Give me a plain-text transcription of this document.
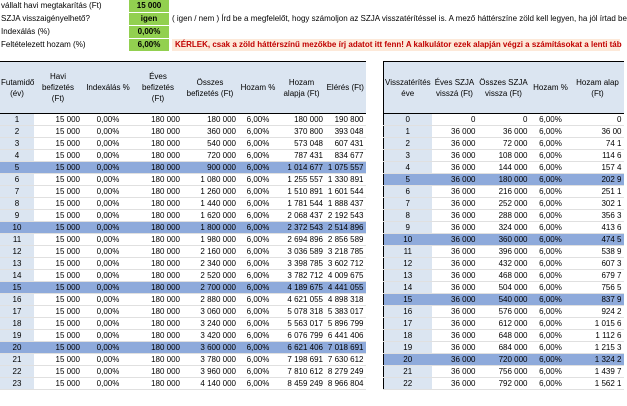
vállalt havi megtakarítás (Ft)	15 000
SZJA visszaigényelhető?	igen	( igen / nem ) Írd be a megfelelőt, hogy számoljon az SZJA visszatérítéssel is. A mező háttérszíne zöld kell legyen, ha jól írtad be
Indexálás (%)	0,00%
Feltételezett hozam (%)	6,00%	KÉRLEK, csak a zöld háttérszínű mezőkbe írj adatot itt fenn! A kalkulátor ezek alapján végzi a számításokat a lenti táb
Futamidő (év)	Havi befizetés (Ft)	Indexálás %	Éves befizetés (Ft)	Összes befizetés (Ft)	Hozam %	Hozam alapja (Ft)	Elérés (Ft)
1	15 000	0,00%	180 000	180 000	6,00%	180 000	190 800
2	15 000	0,00%	180 000	360 000	6,00%	370 800	393 048
3	15 000	0,00%	180 000	540 000	6,00%	573 048	607 431
4	15 000	0,00%	180 000	720 000	6,00%	787 431	834 677
5	15 000	0,00%	180 000	900 000	6,00%	1 014 677	1 075 557
6	15 000	0,00%	180 000	1 080 000	6,00%	1 255 557	1 330 891
7	15 000	0,00%	180 000	1 260 000	6,00%	1 510 891	1 601 544
8	15 000	0,00%	180 000	1 440 000	6,00%	1 781 544	1 888 437
9	15 000	0,00%	180 000	1 620 000	6,00%	2 068 437	2 192 543
10	15 000	0,00%	180 000	1 800 000	6,00%	2 372 543	2 514 896
11	15 000	0,00%	180 000	1 980 000	6,00%	2 694 896	2 856 589
12	15 000	0,00%	180 000	2 160 000	6,00%	3 036 589	3 218 785
13	15 000	0,00%	180 000	2 340 000	6,00%	3 398 785	3 602 712
14	15 000	0,00%	180 000	2 520 000	6,00%	3 782 712	4 009 675
15	15 000	0,00%	180 000	2 700 000	6,00%	4 189 675	4 441 055
16	15 000	0,00%	180 000	2 880 000	6,00%	4 621 055	4 898 318
17	15 000	0,00%	180 000	3 060 000	6,00%	5 078 318	5 383 017
18	15 000	0,00%	180 000	3 240 000	6,00%	5 563 017	5 896 799
19	15 000	0,00%	180 000	3 420 000	6,00%	6 076 799	6 441 406
20	15 000	0,00%	180 000	3 600 000	6,00%	6 621 406	7 018 691
21	15 000	0,00%	180 000	3 780 000	6,00%	7 198 691	7 630 612
22	15 000	0,00%	180 000	3 960 000	6,00%	7 810 612	8 279 249
23	15 000	0,00%	180 000	4 140 000	6,00%	8 459 249	8 966 804
Visszatérítés éve	Éves SZJA visszá (Ft)	Összes SZJA vissza (Ft)	Hozam %	Hozam alap (Ft)
0	0	0	6,00%	0
1	36 000	36 000	6,00%	36 00
2	36 000	72 000	6,00%	74 1
3	36 000	108 000	6,00%	114 6
4	36 000	144 000	6,00%	157 4
5	36 000	180 000	6,00%	202 9
6	36 000	216 000	6,00%	251 1
7	36 000	252 000	6,00%	302 1
8	36 000	288 000	6,00%	356 3
9	36 000	324 000	6,00%	413 6
10	36 000	360 000	6,00%	474 5
11	36 000	396 000	6,00%	538 9
12	36 000	432 000	6,00%	607 3
13	36 000	468 000	6,00%	679 7
14	36 000	504 000	6,00%	756 5
15	36 000	540 000	6,00%	837 9
16	36 000	576 000	6,00%	924 2
17	36 000	612 000	6,00%	1 015 6
18	36 000	648 000	6,00%	1 112 6
19	36 000	684 000	6,00%	1 215 3
20	36 000	720 000	6,00%	1 324 2
21	36 000	756 000	6,00%	1 439 7
22	36 000	792 000	6,00%	1 562 1
